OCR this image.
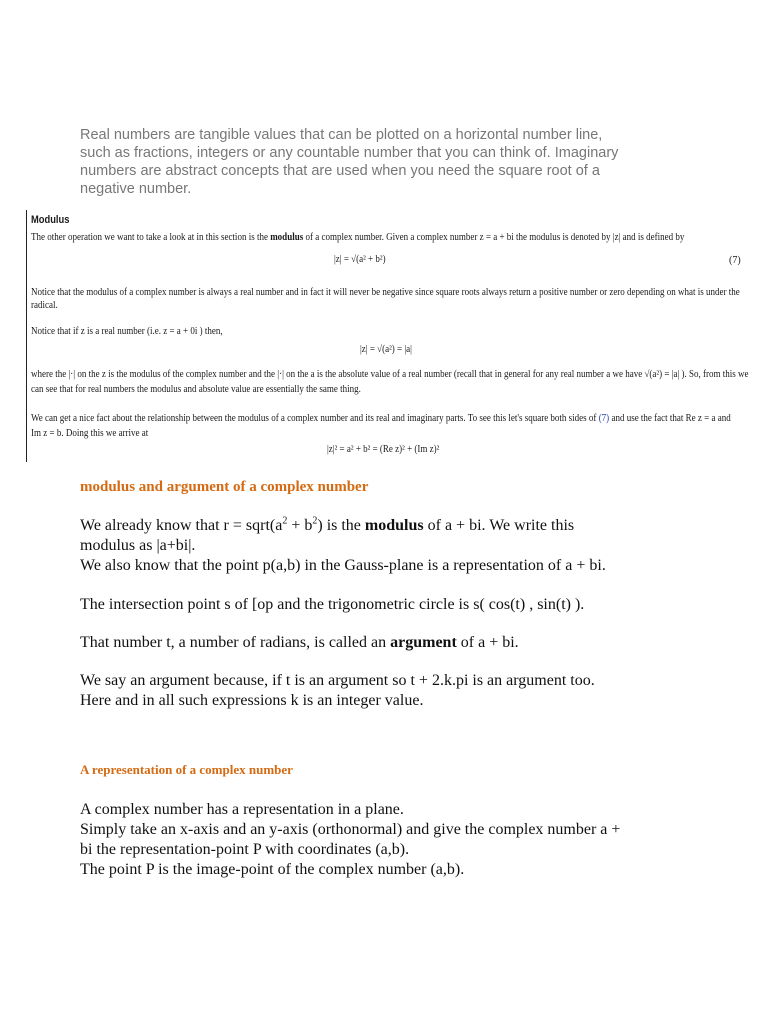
Real numbers are tangible values that can be plotted on a horizontal number line,

such as fractions, integers or any countable number that you can think of. Imaginary

numbers are abstract concepts that are used when you need the square root of a

negative number.

Modulus
The other operation we want to take a look at in this section is the modulus of a complex number. Given a complex number z = a + bi the modulus is denoted by |z| and is defined by
|z| = √(a² + b²)	(7)
Notice that the modulus of a complex number is always a real number and in fact it will never be negative since square roots always return a positive number or zero depending on what is under the
radical.
Notice that if z is a real number (i.e. z = a + 0i ) then,
|z| = √(a²) = |a|
where the |·| on the z is the modulus of the complex number and the |·| on the a is the absolute value of a real number (recall that in general for any real number a we have √(a²) = |a| ). So, from this we
can see that for real numbers the modulus and absolute value are essentially the same thing.
We can get a nice fact about the relationship between the modulus of a complex number and its real and imaginary parts. To see this let's square both sides of (7) and use the fact that Re z = a and
Im z = b. Doing this we arrive at
|z|² = a² + b² = (Re z)² + (Im z)²
modulus and argument of a complex number

We already know that $r = sqrt(a^2 + b^2)$ is the modulus of a + bi. We write this

modulus as |a+bi|.

We also know that the point p(a,b) in the Gauss-plane is a representation of a + bi.

The intersection point s of [op and the trigonometric circle is s( cos(t) , sin(t) ).
That number t, a number of radians, is called an argument of a + bi.

We say an argument because, if t is an argument so t + 2.k.pi is an argument too.

Here and in all such expressions k is an integer value.

A representation of a complex number

A complex number has a representation in a plane.

Simply take an x-axis and an y-axis (orthonormal) and give the complex number a +

bi the representation-point P with coordinates (a,b).

The point P is the image-point of the complex number (a,b).
